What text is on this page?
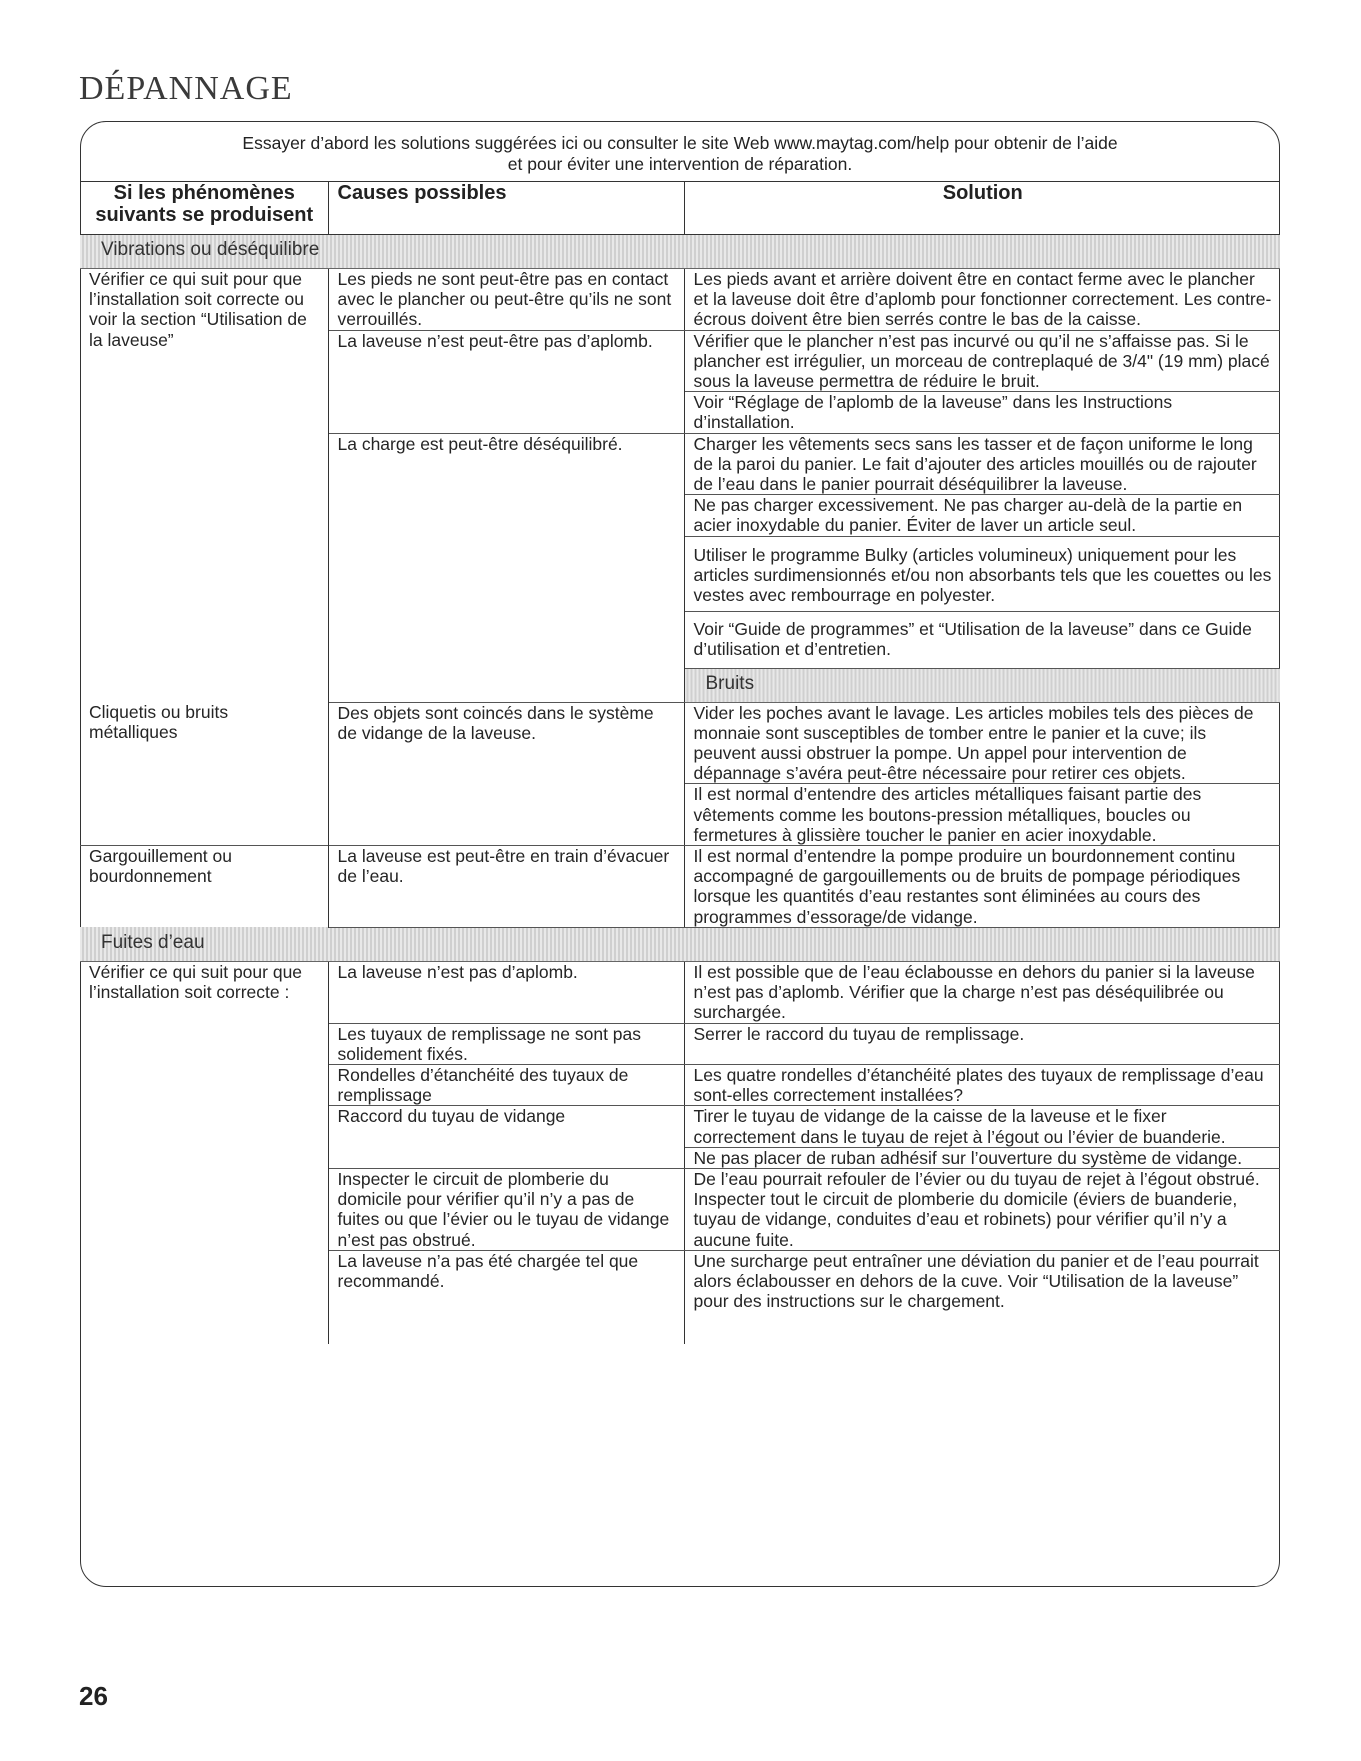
DÉPANNAGE
Essayer d’abord les solutions suggérées ici ou consulter le site Web www.maytag.com/help pour obtenir de l’aide
et pour éviter une intervention de réparation.
Si les phénomènes suivants se produisent	Causes possibles	Solution
Vibrations ou déséquilibre		
Vérifier ce qui suit pour que l’installation soit correcte ou voir la section “Utilisation de la laveuse”	Les pieds ne sont peut-être pas en contact avec le plancher ou peut-être qu’ils ne sont verrouillés.	Les pieds avant et arrière doivent être en contact ferme avec le plancher et la laveuse doit être d’aplomb pour fonctionner correctement. Les contre-écrous doivent être bien serrés contre le bas de la caisse.
	La laveuse n’est peut-être pas d’aplomb.	Vérifier que le plancher n’est pas incurvé ou qu’il ne s’affaisse pas. Si le plancher est irrégulier, un morceau de contreplaqué de 3/4" (19 mm) placé sous la laveuse permettra de réduire le bruit.
		Voir “Réglage de l’aplomb de la laveuse” dans les Instructions d’installation.
	La charge est peut-être déséquilibré.	Charger les vêtements secs sans les tasser et de façon uniforme le long de la paroi du panier. Le fait d’ajouter des articles mouillés ou de rajouter de l’eau dans le panier pourrait déséquilibrer la laveuse.
		Ne pas charger excessivement. Ne pas charger au-delà de la partie en acier inoxydable du panier. Éviter de laver un article seul.
		Utiliser le programme Bulky (articles volumineux) uniquement pour les articles surdimensionnés et/ou non absorbants tels que les couettes ou les vestes avec rembourrage en polyester.
		Voir “Guide de programmes” et “Utilisation de la laveuse” dans ce Guide d’utilisation et d’entretien.
		Bruits
Cliquetis ou bruits métalliques	Des objets sont coincés dans le système de vidange de la laveuse.	Vider les poches avant le lavage. Les articles mobiles tels des pièces de monnaie sont susceptibles de tomber entre le panier et la cuve; ils peuvent aussi obstruer la pompe. Un appel pour intervention de dépannage s’avéra peut-être nécessaire pour retirer ces objets.
		Il est normal d’entendre des articles métalliques faisant partie des vêtements comme les boutons-pression métalliques, boucles ou fermetures à glissière toucher le panier en acier inoxydable.
Gargouillement ou bourdonnement	La laveuse est peut-être en train d’évacuer de l’eau.	Il est normal d’entendre la pompe produire un bourdonnement continu accompagné de gargouillements ou de bruits de pompage périodiques lorsque les quantités d’eau restantes sont éliminées au cours des programmes d’essorage/de vidange.
Fuites d’eau		
Vérifier ce qui suit pour que l’installation soit correcte :	La laveuse n’est pas d’aplomb.	Il est possible que de l’eau éclabousse en dehors du panier si la laveuse n’est pas d’aplomb. Vérifier que la charge n’est pas déséquilibrée ou surchargée.
	Les tuyaux de remplissage ne sont pas solidement fixés.	Serrer le raccord du tuyau de remplissage.
	Rondelles d’étanchéité des tuyaux de remplissage	Les quatre rondelles d’étanchéité plates des tuyaux de remplissage d’eau sont-elles correctement installées?
	Raccord du tuyau de vidange	Tirer le tuyau de vidange de la caisse de la laveuse et le fixer correctement dans le tuyau de rejet à l’égout ou l’évier de buanderie.
		Ne pas placer de ruban adhésif sur l’ouverture du système de vidange.
	Inspecter le circuit de plomberie du domicile pour vérifier qu’il n’y a pas de fuites ou que l’évier ou le tuyau de vidange n’est pas obstrué.	De l’eau pourrait refouler de l’évier ou du tuyau de rejet à l’égout obstrué. Inspecter tout le circuit de plomberie du domicile (éviers de buanderie, tuyau de vidange, conduites d’eau et robinets) pour vérifier qu’il n’y a aucune fuite.
	La laveuse n’a pas été chargée tel que recommandé.	Une surcharge peut entraîner une déviation du panier et de l’eau pourrait alors éclabousser en dehors de la cuve. Voir “Utilisation de la laveuse” pour des instructions sur le chargement.
26
